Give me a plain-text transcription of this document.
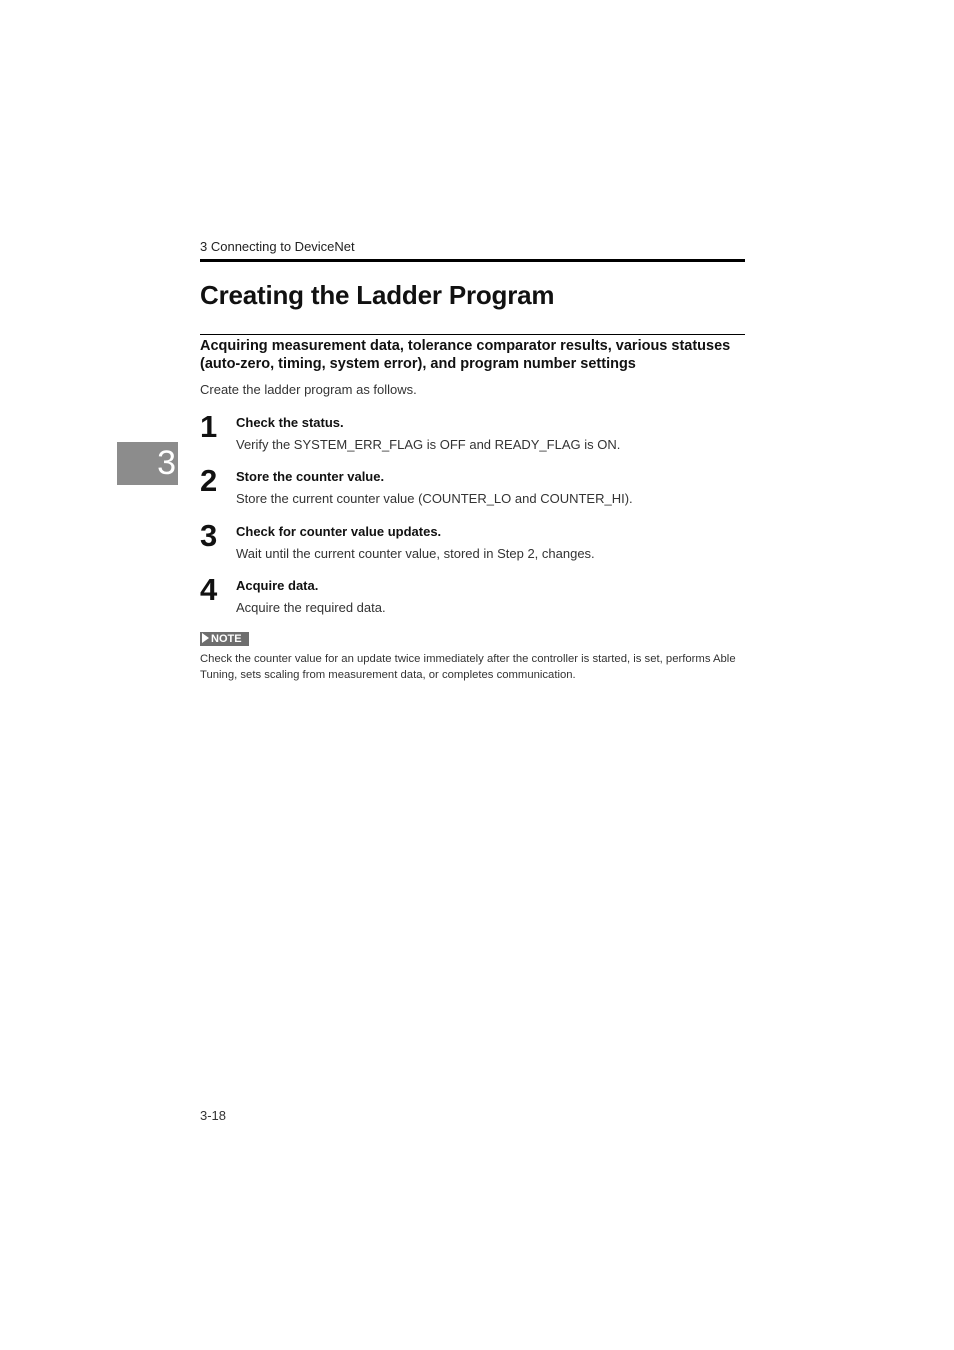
3 Connecting to DeviceNet
Creating the Ladder Program
Acquiring measurement data, tolerance comparator results, various statuses (auto-zero, timing, system error), and program number settings
Create the ladder program as follows.
3
1 Check the status.
Verify the SYSTEM_ERR_FLAG is OFF and READY_FLAG is ON.
2 Store the counter value.
Store the current counter value (COUNTER_LO and COUNTER_HI).
3 Check for counter value updates.
Wait until the current counter value, stored in Step 2, changes.
4 Acquire data.
Acquire the required data.
NOTE
Check the counter value for an update twice immediately after the controller is started, is set, performs Able Tuning, sets scaling from measurement data, or completes communication.
3-18
